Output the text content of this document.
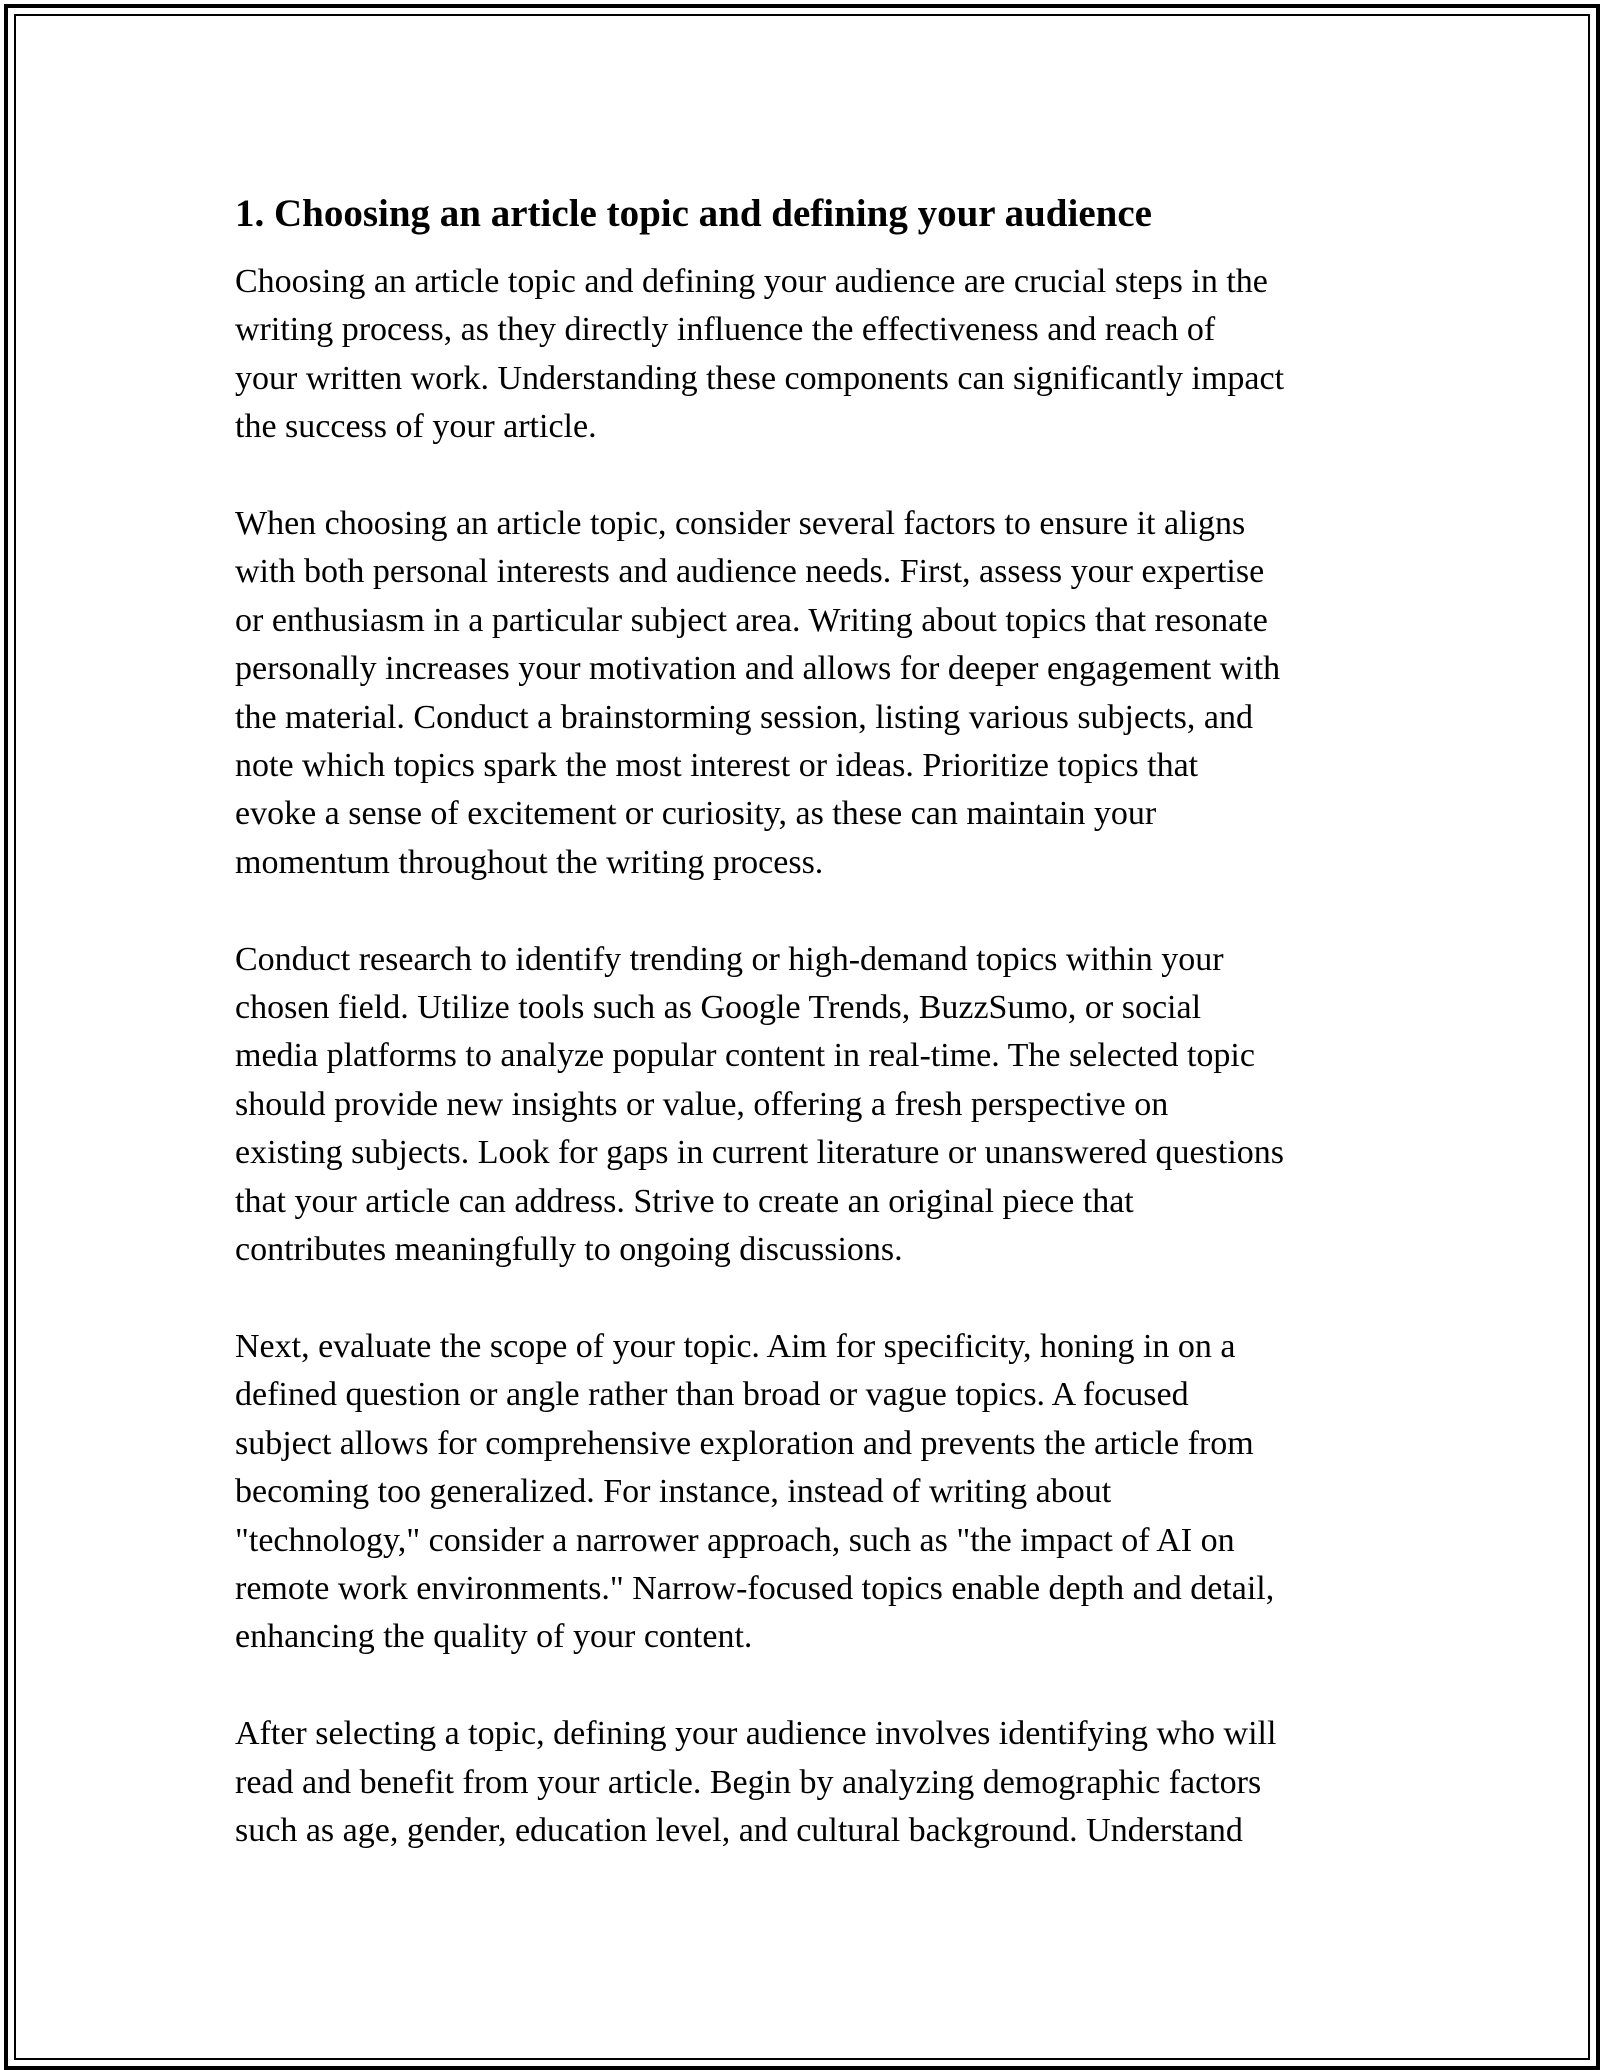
1. Choosing an article topic and defining your audience

Choosing an article topic and defining your audience are crucial steps in the
writing process, as they directly influence the effectiveness and reach of
your written work. Understanding these components can significantly impact
the success of your article.

When choosing an article topic, consider several factors to ensure it aligns
with both personal interests and audience needs. First, assess your expertise
or enthusiasm in a particular subject area. Writing about topics that resonate
personally increases your motivation and allows for deeper engagement with
the material. Conduct a brainstorming session, listing various subjects, and
note which topics spark the most interest or ideas. Prioritize topics that
evoke a sense of excitement or curiosity, as these can maintain your
momentum throughout the writing process.

Conduct research to identify trending or high-demand topics within your
chosen field. Utilize tools such as Google Trends, BuzzSumo, or social
media platforms to analyze popular content in real-time. The selected topic
should provide new insights or value, offering a fresh perspective on
existing subjects. Look for gaps in current literature or unanswered questions
that your article can address. Strive to create an original piece that
contributes meaningfully to ongoing discussions.

Next, evaluate the scope of your topic. Aim for specificity, honing in on a
defined question or angle rather than broad or vague topics. A focused
subject allows for comprehensive exploration and prevents the article from
becoming too generalized. For instance, instead of writing about
"technology," consider a narrower approach, such as "the impact of AI on
remote work environments." Narrow-focused topics enable depth and detail,
enhancing the quality of your content.

After selecting a topic, defining your audience involves identifying who will
read and benefit from your article. Begin by analyzing demographic factors
such as age, gender, education level, and cultural background. Understand
